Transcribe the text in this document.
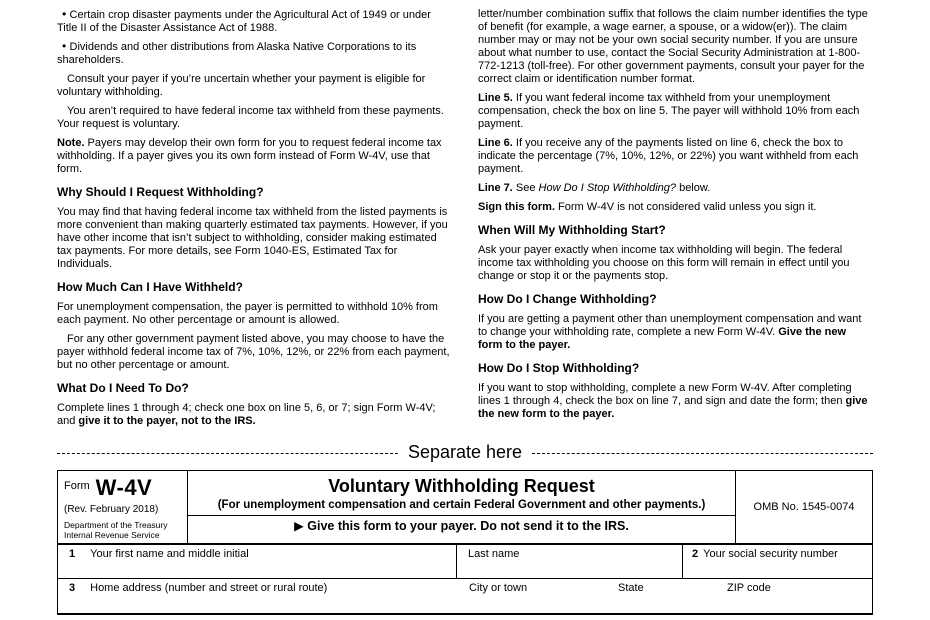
• Certain crop disaster payments under the Agricultural Act of 1949 or under Title II of the Disaster Assistance Act of 1988.

• Dividends and other distributions from Alaska Native Corporations to its shareholders.

Consult your payer if you’re uncertain whether your payment is eligible for voluntary withholding.

You aren’t required to have federal income tax withheld from these payments. Your request is voluntary.

Note. Payers may develop their own form for you to request federal income tax withholding. If a payer gives you its own form instead of Form W-4V, use that form.

Why Should I Request Withholding?

You may find that having federal income tax withheld from the listed payments is more convenient than making quarterly estimated tax payments. However, if you have other income that isn’t subject to withholding, consider making estimated tax payments. For more details, see Form 1040-ES, Estimated Tax for Individuals.

How Much Can I Have Withheld?

For unemployment compensation, the payer is permitted to withhold 10% from each payment. No other percentage or amount is allowed.

For any other government payment listed above, you may choose to have the payer withhold federal income tax of 7%, 10%, 12%, or 22% from each payment, but no other percentage or amount.

What Do I Need To Do?

Complete lines 1 through 4; check one box on line 5, 6, or 7; sign Form W-4V; and give it to the payer, not to the IRS.

letter/number combination suffix that follows the claim number identifies the type of benefit (for example, a wage earner, a spouse, or a widow(er)). The claim number may or may not be your own social security number. If you are unsure about what number to use, contact the Social Security Administration at 1-800-772-1213 (toll-free). For other government payments, consult your payer for the correct claim or identification number format.

Line 5. If you want federal income tax withheld from your unemployment compensation, check the box on line 5. The payer will withhold 10% from each payment.

Line 6. If you receive any of the payments listed on line 6, check the box to indicate the percentage (7%, 10%, 12%, or 22%) you want withheld from each payment.

Line 7. See How Do I Stop Withholding? below.

Sign this form. Form W-4V is not considered valid unless you sign it.

When Will My Withholding Start?

Ask your payer exactly when income tax withholding will begin. The federal income tax withholding you choose on this form will remain in effect until you change or stop it or the payments stop.

How Do I Change Withholding?

If you are getting a payment other than unemployment compensation and want to change your withholding rate, complete a new Form W-4V. Give the new form to the payer.

How Do I Stop Withholding?

If you want to stop withholding, complete a new Form W-4V. After completing lines 1 through 4, check the box on line 7, and sign and date the form; then give the new form to the payer.

Separate here
Form W-4V
(Rev. February 2018)
Department of the Treasury
Internal Revenue Service
Voluntary Withholding Request
(For unemployment compensation and certain Federal Government and other payments.)
▶ Give this form to your payer. Do not send it to the IRS.
OMB No. 1545-0074
1 Your first name and middle initial	Last name	2 Your social security number
3 Home address (number and street or rural route)	City or town	State	ZIP code
